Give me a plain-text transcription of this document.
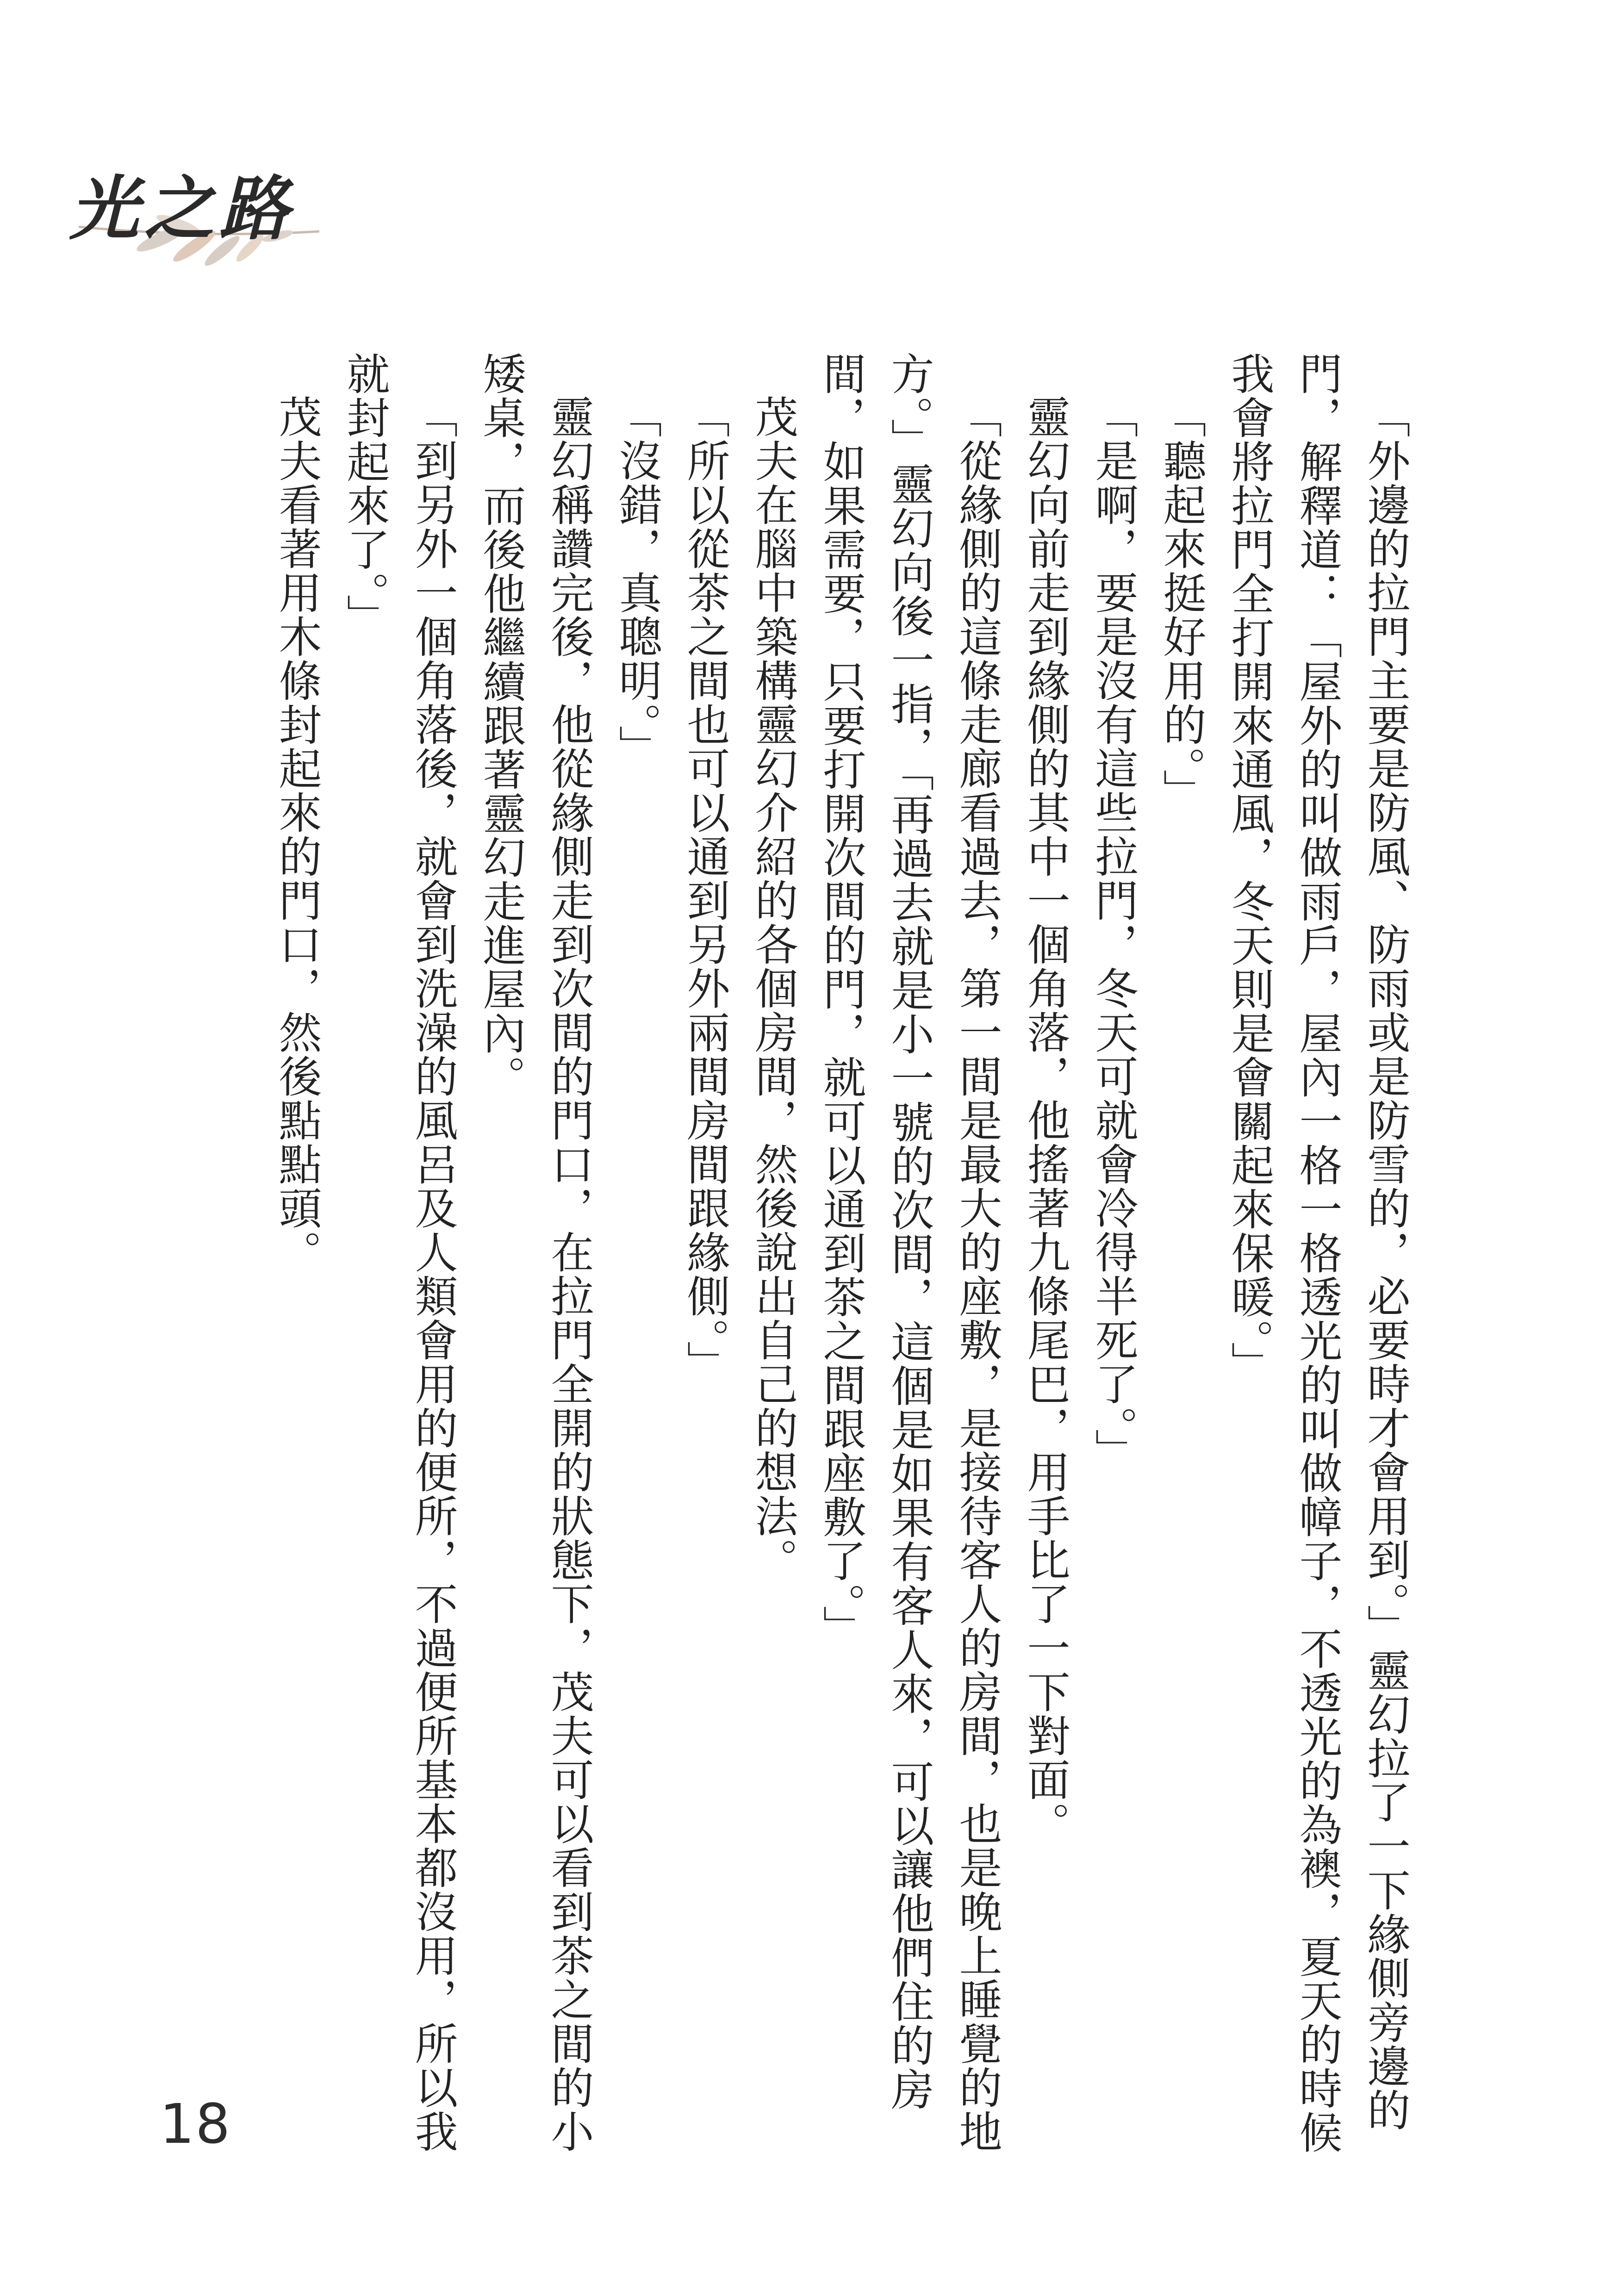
光之路

「外邊的拉門主要是防風、防雨或是防雪的，必要時才會用到。」靈幻拉了一下緣側旁邊的門，解釋道：「屋外的叫做雨戶，屋內一格一格透光的叫做幛子，不透光的為襖，夏天的時候我會將拉門全打開來通風，冬天則是會關起來保暖。」

「聽起來挺好用的。」

「是啊，要是沒有這些拉門，冬天可就會冷得半死了。」

靈幻向前走到緣側的其中一個角落，他搖著九條尾巴，用手比了一下對面。

「從緣側的這條走廊看過去，第一間是最大的座敷，是接待客人的房間，也是晚上睡覺的地方。」靈幻向後一指，「再過去就是小一號的次間，這個是如果有客人來，可以讓他們住的房間，如果需要，只要打開次間的門，就可以通到茶之間跟座敷了。」

茂夫在腦中築構靈幻介紹的各個房間，然後說出自己的想法。

「所以從茶之間也可以通到另外兩間房間跟緣側。」

「沒錯，真聰明。」

靈幻稱讚完後，他從緣側走到次間的門口，在拉門全開的狀態下，茂夫可以看到茶之間的小矮桌，而後他繼續跟著靈幻走進屋內。

「到另外一個角落後，就會到洗澡的風呂及人類會用的便所，不過便所基本都沒用，所以我就封起來了。」

茂夫看著用木條封起來的門口，然後點點頭。

18
